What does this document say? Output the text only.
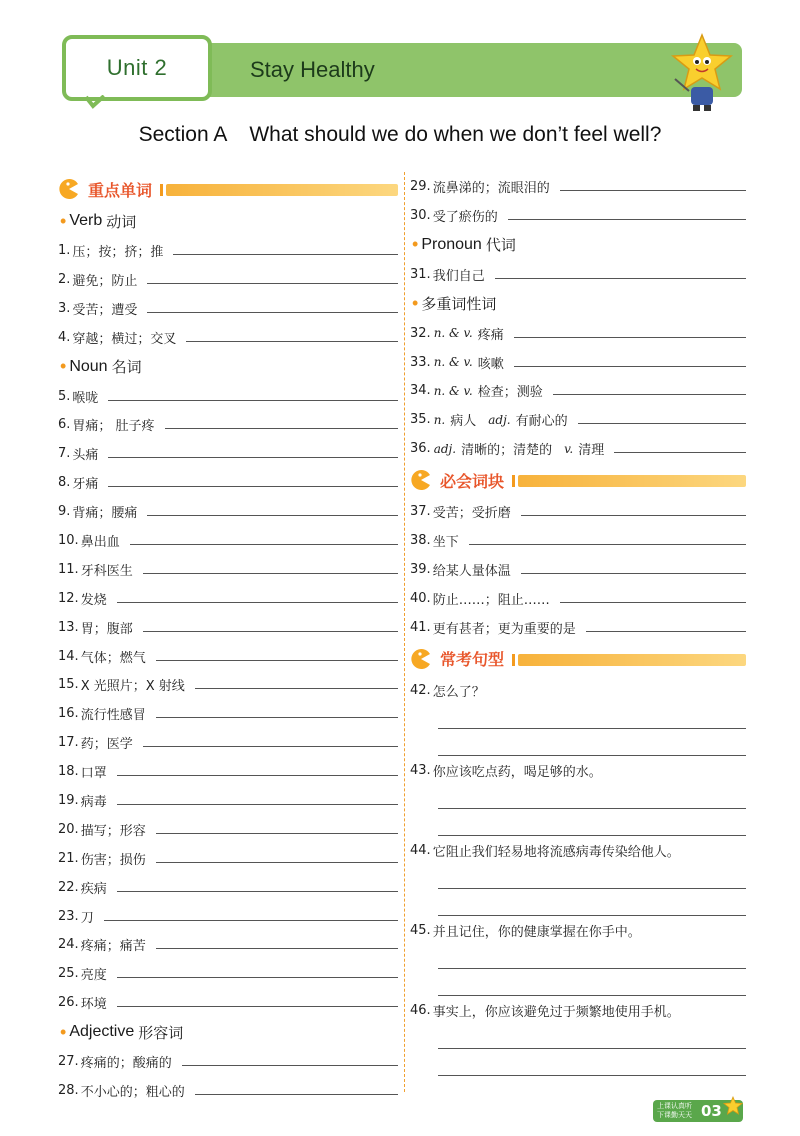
Unit 2	Stay Healthy
Section A What should we do when we don’t feel well?
重点单词
• Verb 动词
1. 压；按；挤；推
2. 避免；防止
3. 受苦；遭受
4. 穿越；横过；交叉
• Noun 名词
5. 喉咙
6. 胃痛； 肚子疼
7. 头痛
8. 牙痛
9. 背痛；腰痛
10. 鼻出血
11. 牙科医生
12. 发烧
13. 胃；腹部
14. 气体；燃气
15. X 光照片；X 射线
16. 流行性感冒
17. 药；医学
18. 口罩
19. 病毒
20. 描写；形容
21. 伤害；损伤
22. 疾病
23. 刀
24. 疼痛；痛苦
25. 亮度
26. 环境
• Adjective 形容词
27. 疼痛的；酸痛的
28. 不小心的；粗心的
29. 流鼻涕的；流眼泪的
30. 受了瘀伤的
• Pronoun 代词
31. 我们自己
• 多重词性词
32. n. & v. 疼痛
33. n. & v. 咳嗽
34. n. & v. 检查；测验
35. n. 病人 adj. 有耐心的
36. adj. 清晰的；清楚的 v. 清理
必会词块
37. 受苦；受折磨
38. 坐下
39. 给某人量体温
40. 防止……；阻止……
41. 更有甚者；更为重要的是
常考句型
42. 怎么了？
43. 你应该吃点药，喝足够的水。
44. 它阻止我们轻易地将流感病毒传染给他人。
45. 并且记住，你的健康掌握在你手中。
46. 事实上，你应该避免过于频繁地使用手机。
上课认真听
下课勤天天 03
